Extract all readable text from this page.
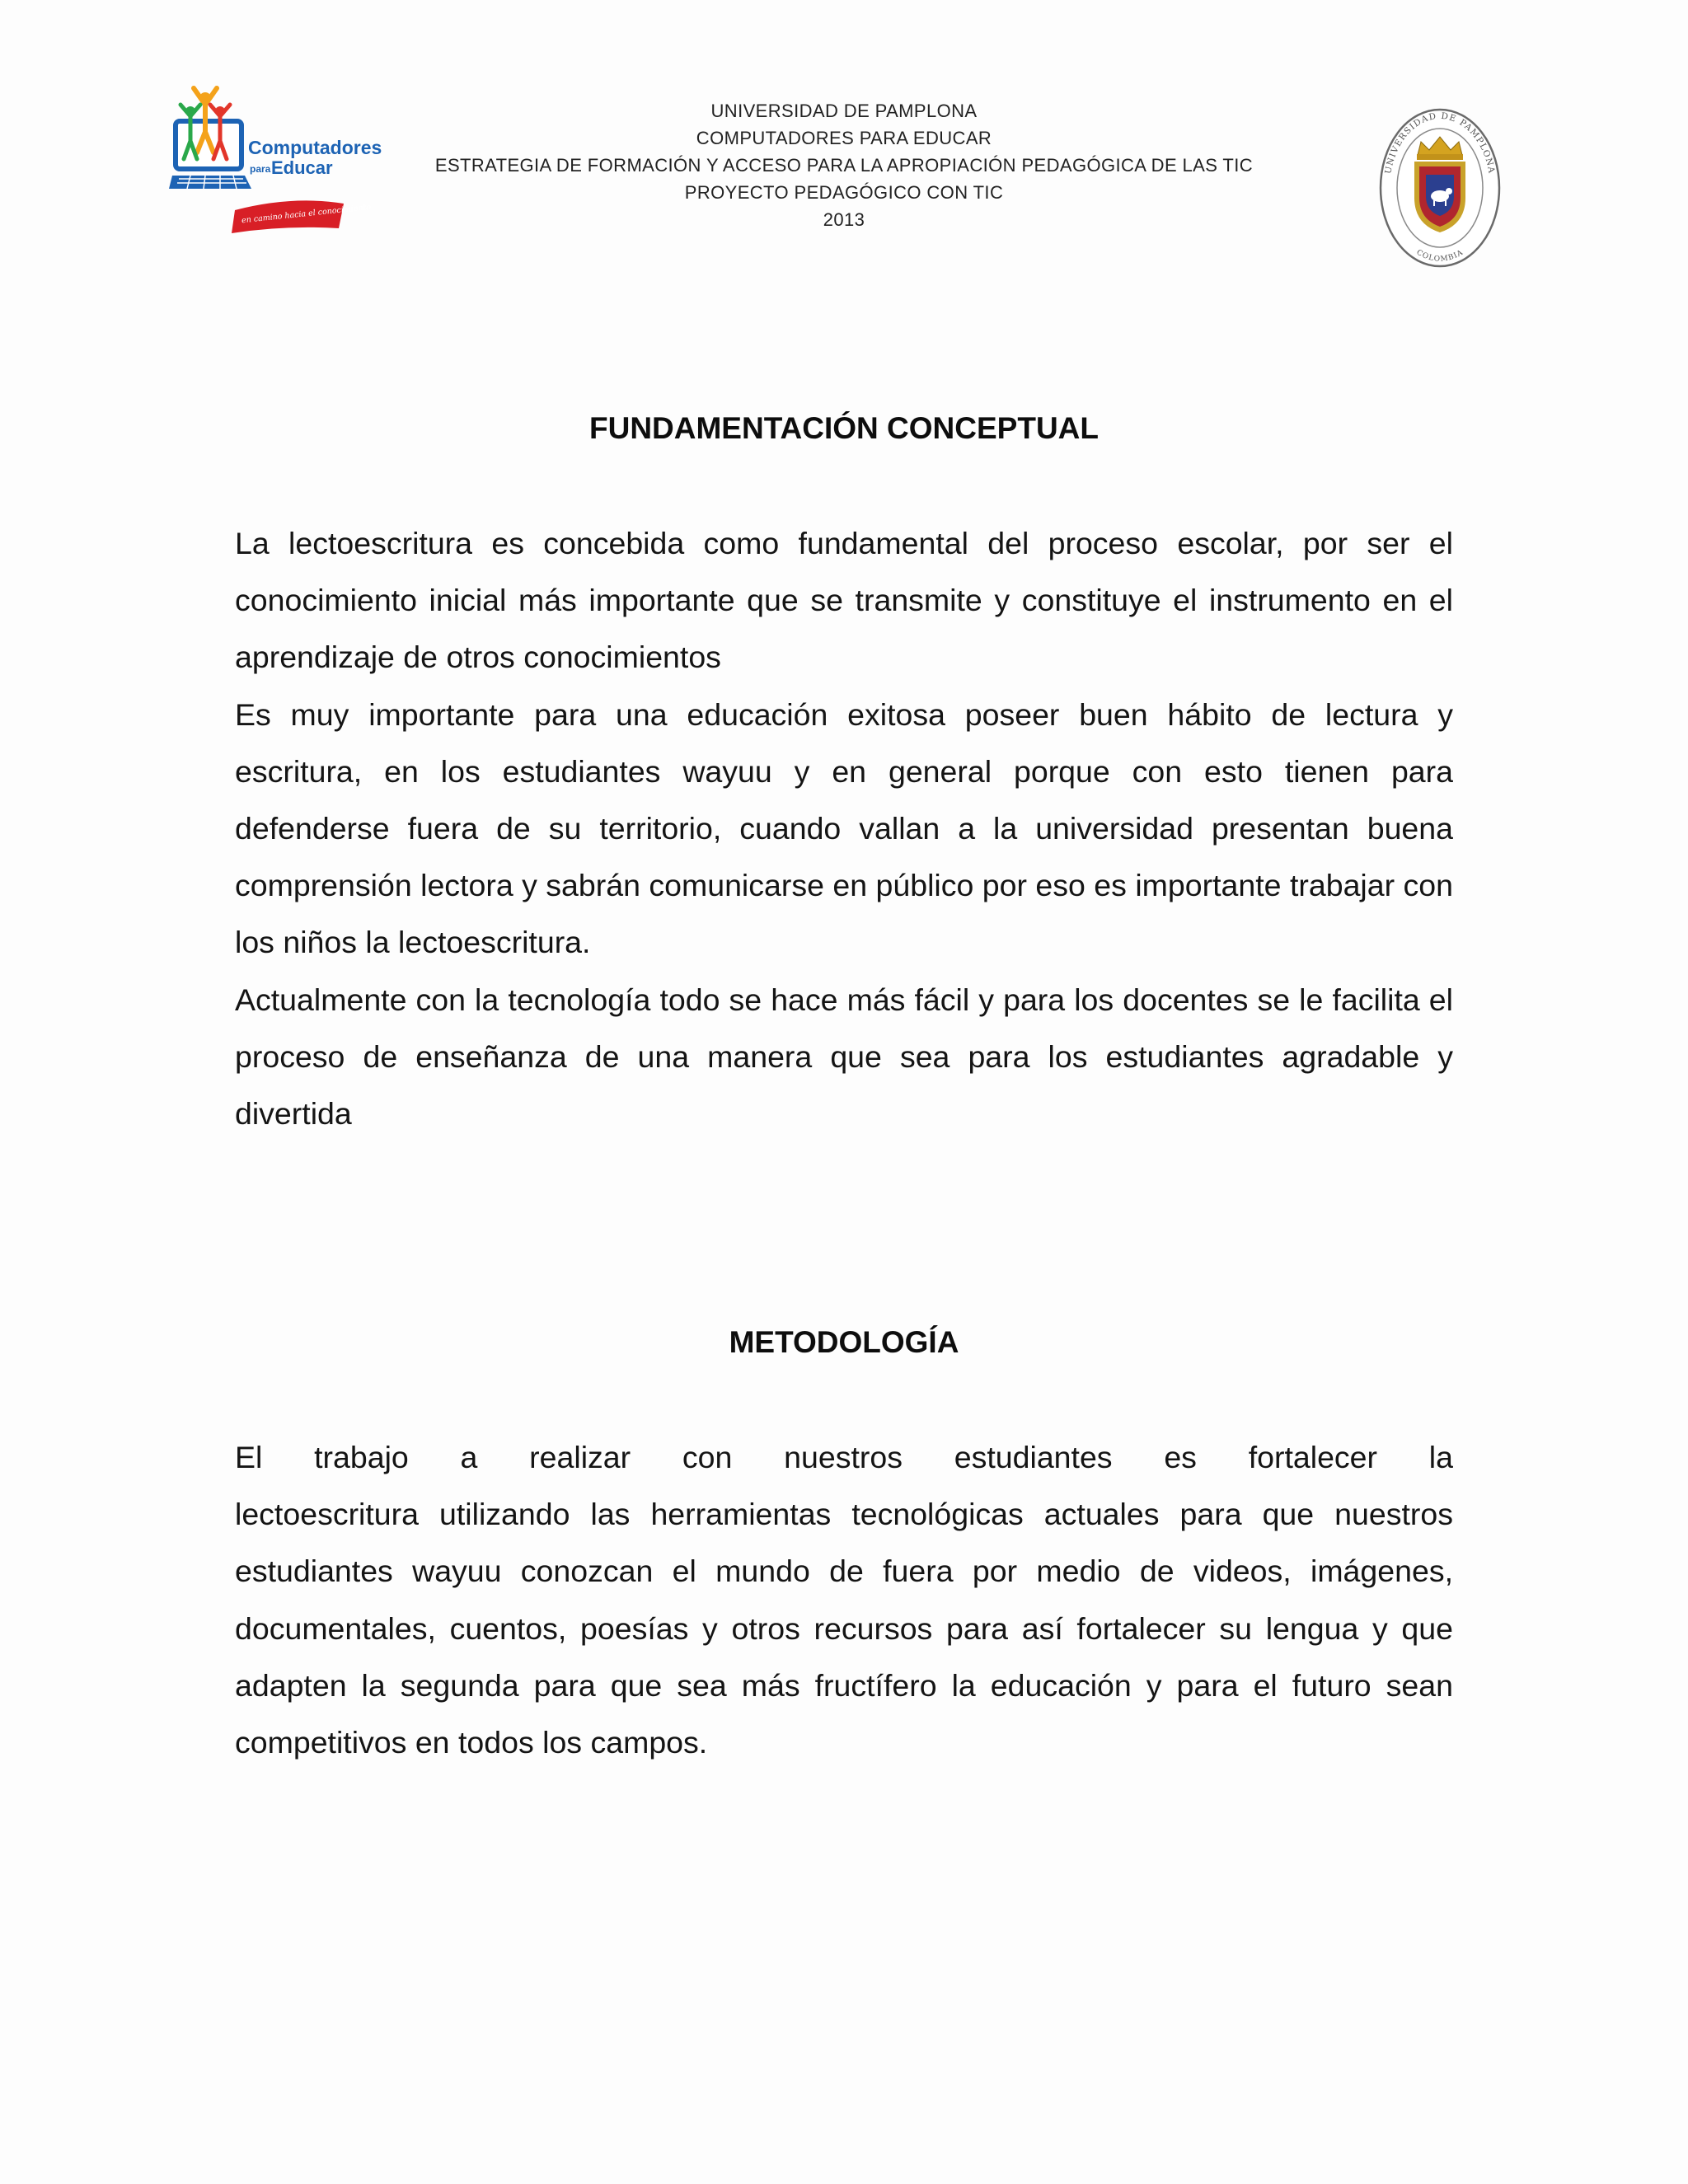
Computadores
para Educar
en camino hacia el conocimiento
UNIVERSIDAD DE PAMPLONA
COMPUTADORES PARA EDUCAR
ESTRATEGIA DE FORMACIÓN Y ACCESO PARA LA APROPIACIÓN PEDAGÓGICA DE LAS TIC
PROYECTO PEDAGÓGICO CON TIC
2013
UNIVERSIDAD DE PAMPLONA
COLOMBIA
FUNDAMENTACIÓN CONCEPTUAL

La lectoescritura es concebida como fundamental del proceso escolar, por ser el conocimiento inicial más importante que se transmite y constituye el instrumento en el aprendizaje de otros conocimientos

Es muy importante para una educación exitosa poseer buen hábito de lectura y escritura, en los estudiantes wayuu y en general porque con esto tienen para defenderse fuera de su territorio, cuando vallan a la universidad presentan buena comprensión lectora y sabrán comunicarse en público por eso es importante trabajar con los niños la lectoescritura.

Actualmente con la tecnología todo se hace más fácil y para los docentes se le facilita el proceso de enseñanza de una manera que sea para los estudiantes agradable y divertida

METODOLOGÍA

El trabajo a realizar con nuestros estudiantes es fortalecer la

lectoescritura utilizando las herramientas tecnológicas actuales para que nuestros estudiantes wayuu conozcan el mundo de fuera por medio de videos, imágenes, documentales, cuentos, poesías y otros recursos para así fortalecer su lengua y que adapten la segunda para que sea más fructífero la educación y para el futuro sean competitivos en todos los campos.
